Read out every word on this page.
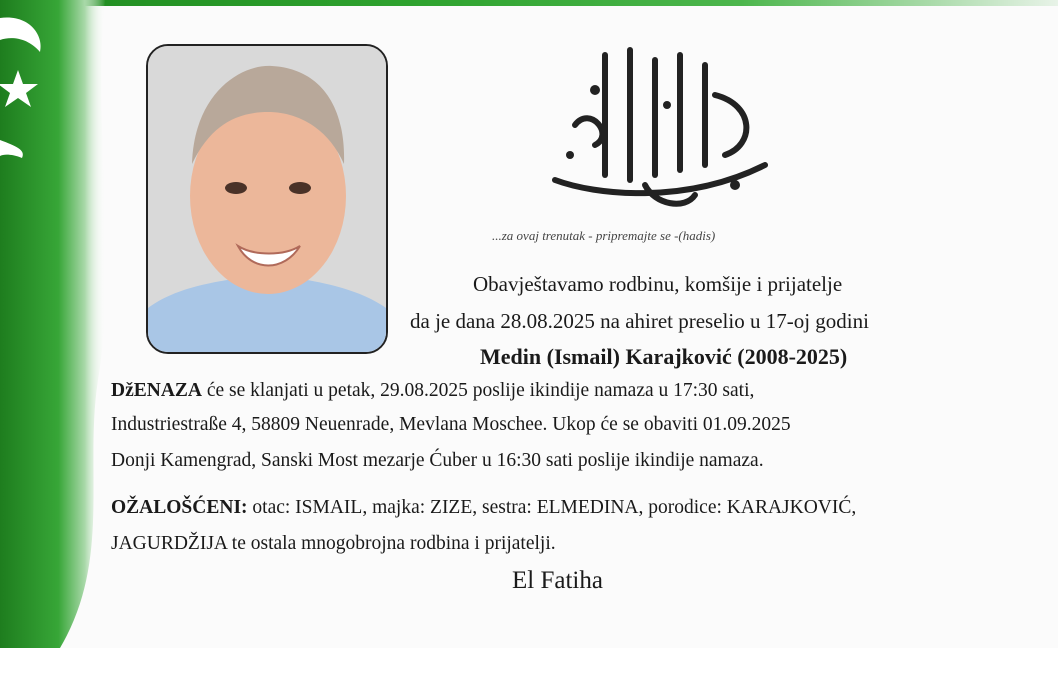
...za ovaj trenutak - pripremajte se -(hadis)
Obavještavamo rodbinu, komšije i prijatelje
da je dana 28.08.2025 na ahiret preselio u 17-oj godini
Medin (Ismail) Karajković (2008-2025)
DžENAZA će se klanjati u petak, 29.08.2025 poslije ikindije namaza u 17:30 sati,
Industriestraße 4, 58809 Neuenrade, Mevlana Moschee. Ukop će se obaviti 01.09.2025
Donji Kamengrad, Sanski Most mezarje Ćuber u 16:30 sati poslije ikindije namaza.
OŽALOŠĆENI: otac: ISMAIL, majka: ZIZE, sestra: ELMEDINA, porodice: KARAJKOVIĆ,
JAGURDŽIJA te ostala mnogobrojna rodbina i prijatelji.
El Fatiha
